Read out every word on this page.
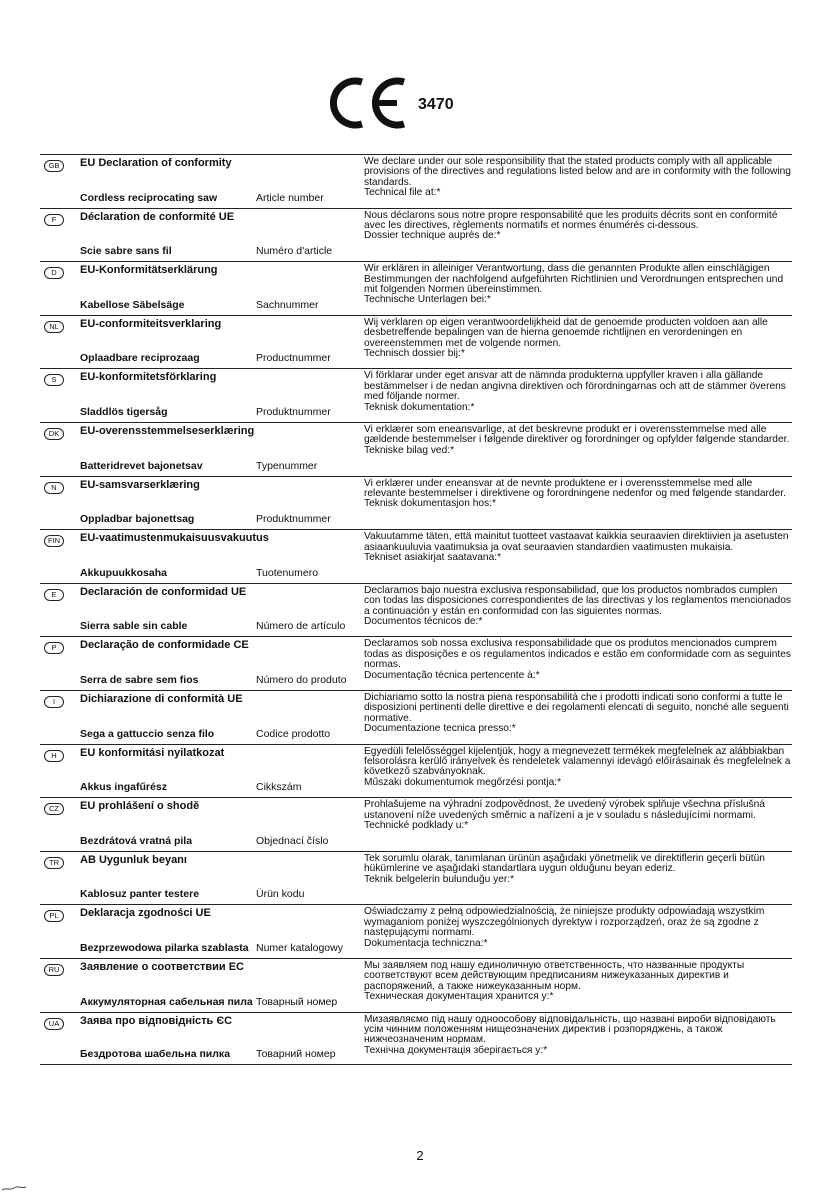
3470
GB	EU Declaration of conformity
Cordless reciprocating saw	Article number
We declare under our sole responsibility that the stated products comply with all applicable provisions of the directives and regulations listed below and are in conformity with the following standards.
Technical file at:*
F	Déclaration de conformité UE
Scie sabre sans fil	Numéro d'article
Nous déclarons sous notre propre responsabilité que les produits décrits sont en conformité avec les directives, règlements normatifs et normes énumérés ci-dessous.
Dossier technique auprès de:*
D	EU-Konformitätserklärung
Kabellose Säbelsäge	Sachnummer
Wir erklären in alleiniger Verantwortung, dass die genannten Produkte allen einschlägigen Bestimmungen der nachfolgend aufgeführten Richtlinien und Verordnungen entsprechen und mit folgenden Normen übereinstimmen.
Technische Unterlagen bei:*
NL	EU-conformiteitsverklaring
Oplaadbare reciprozaag	Productnummer
Wij verklaren op eigen verantwoordelijkheid dat de genoemde producten voldoen aan alle desbetreffende bepalingen van de hierna genoemde richtlijnen en verordeningen en overeenstemmen met de volgende normen.
Technisch dossier bij:*
S	EU-konformitetsförklaring
Sladdlös tigersåg	Produktnummer
Vi förklarar under eget ansvar att de nämnda produkterna uppfyller kraven i alla gällande bestämmelser i de nedan angivna direktiven och förordningarnas och att de stämmer överens med följande normer.
Teknisk dokumentation:*
DK	EU-overensstemmelseserklæring
Batteridrevet bajonetsav	Typenummer
Vi erklærer som eneansvarlige, at det beskrevne produkt er i overensstemmelse med alle gældende bestemmelser i følgende direktiver og forordninger og opfylder følgende standarder.
Tekniske bilag ved:*
N	EU-samsvarserklæring
Oppladbar bajonettsag	Produktnummer
Vi erklærer under eneansvar at de nevnte produktene er i overensstemmelse med alle relevante bestemmelser i direktivene og forordningene nedenfor og med følgende standarder.
Teknisk dokumentasjon hos:*
FIN	EU-vaatimustenmukaisuusvakuutus
Akkupuukkosaha	Tuotenumero
Vakuutamme täten, että mainitut tuotteet vastaavat kaikkia seuraavien direktiivien ja asetusten asiaankuuluvia vaatimuksia ja ovat seuraavien standardien vaatimusten mukaisia.
Tekniset asiakirjat saatavana:*
E	Declaración de conformidad UE
Sierra sable sin cable	Número de artículo
Declaramos bajo nuestra exclusiva responsabilidad, que los productos nombrados cumplen con todas las disposiciones correspondientes de las directivas y los reglamentos mencionados a continuación y están en conformidad con las siguientes normas.
Documentos técnicos de:*
P	Declaração de conformidade CE
Serra de sabre sem fios	Número do produto
Declaramos sob nossa exclusiva responsabilidade que os produtos mencionados cumprem todas as disposições e os regulamentos indicados e estão em conformidade com as seguintes normas.
Documentação técnica pertencente à:*
I	Dichiarazione di conformità UE
Sega a gattuccio senza filo	Codice prodotto
Dichiariamo sotto la nostra piena responsabilità che i prodotti indicati sono conformi a tutte le disposizioni pertinenti delle direttive e dei regolamenti elencati di seguito, nonché alle seguenti normative.
Documentazione tecnica presso:*
H	EU konformitási nyilatkozat
Akkus ingafűrész	Cikkszám
Egyedüli felelősséggel kijelentjük, hogy a megnevezett termékek megfelelnek az alábbiakban felsorolásra kerülő irányelvek és rendeletek valamennyi idevágó előírásainak és megfelelnek a következő szabványoknak.
Műszaki dokumentumok megőrzési pontja:*
CZ	EU prohlášení o shodě
Bezdrátová vratná pila	Objednací číslo
Prohlašujeme na výhradní zodpovědnost, že uvedený výrobek splňuje všechna příslušná ustanovení níže uvedených směrnic a nařízení a je v souladu s následujícími normami.
Technické podklady u:*
TR	AB Uygunluk beyanı
Kablosuz panter testere	Ürün kodu
Tek sorumlu olarak, tanımlanan ürünün aşağıdaki yönetmelik ve direktiflerin geçerli bütün hükümlerine ve aşağıdaki standartlara uygun olduğunu beyan ederiz.
Teknik belgelerin bulunduğu yer:*
PL	Deklaracja zgodności UE
Bezprzewodowa pilarka szablasta Numer katalogowy
Oświadczamy z pełną odpowiedzialnością, że niniejsze produkty odpowiadają wszystkim wymaganiom poniżej wyszczególnionych dyrektyw i rozporządzeń, oraz że są zgodne z następującymi normami.
Dokumentacja techniczna:*
RU	Заявление о соответствии ЕС
Аккумуляторная сабельная пила Товарный номер
Мы заявляем под нашу единоличную ответственность, что названные продукты соответствуют всем действующим предписаниям нижеуказанных директив и распоряжений, а также нижеуказанным норм.
Техническая документация хранится у:*
UA	Заява про відповідність ЄС
Бездротова шабельна пилка	Товарний номер
Мизаявляємо під нашу одноособову відповідальність, що названі вироби відповідають усім чинним положенням нищеозначених директив і розпоряджень, а також нижчеозначеним нормам.
Технічна документація зберігається у:*
2
